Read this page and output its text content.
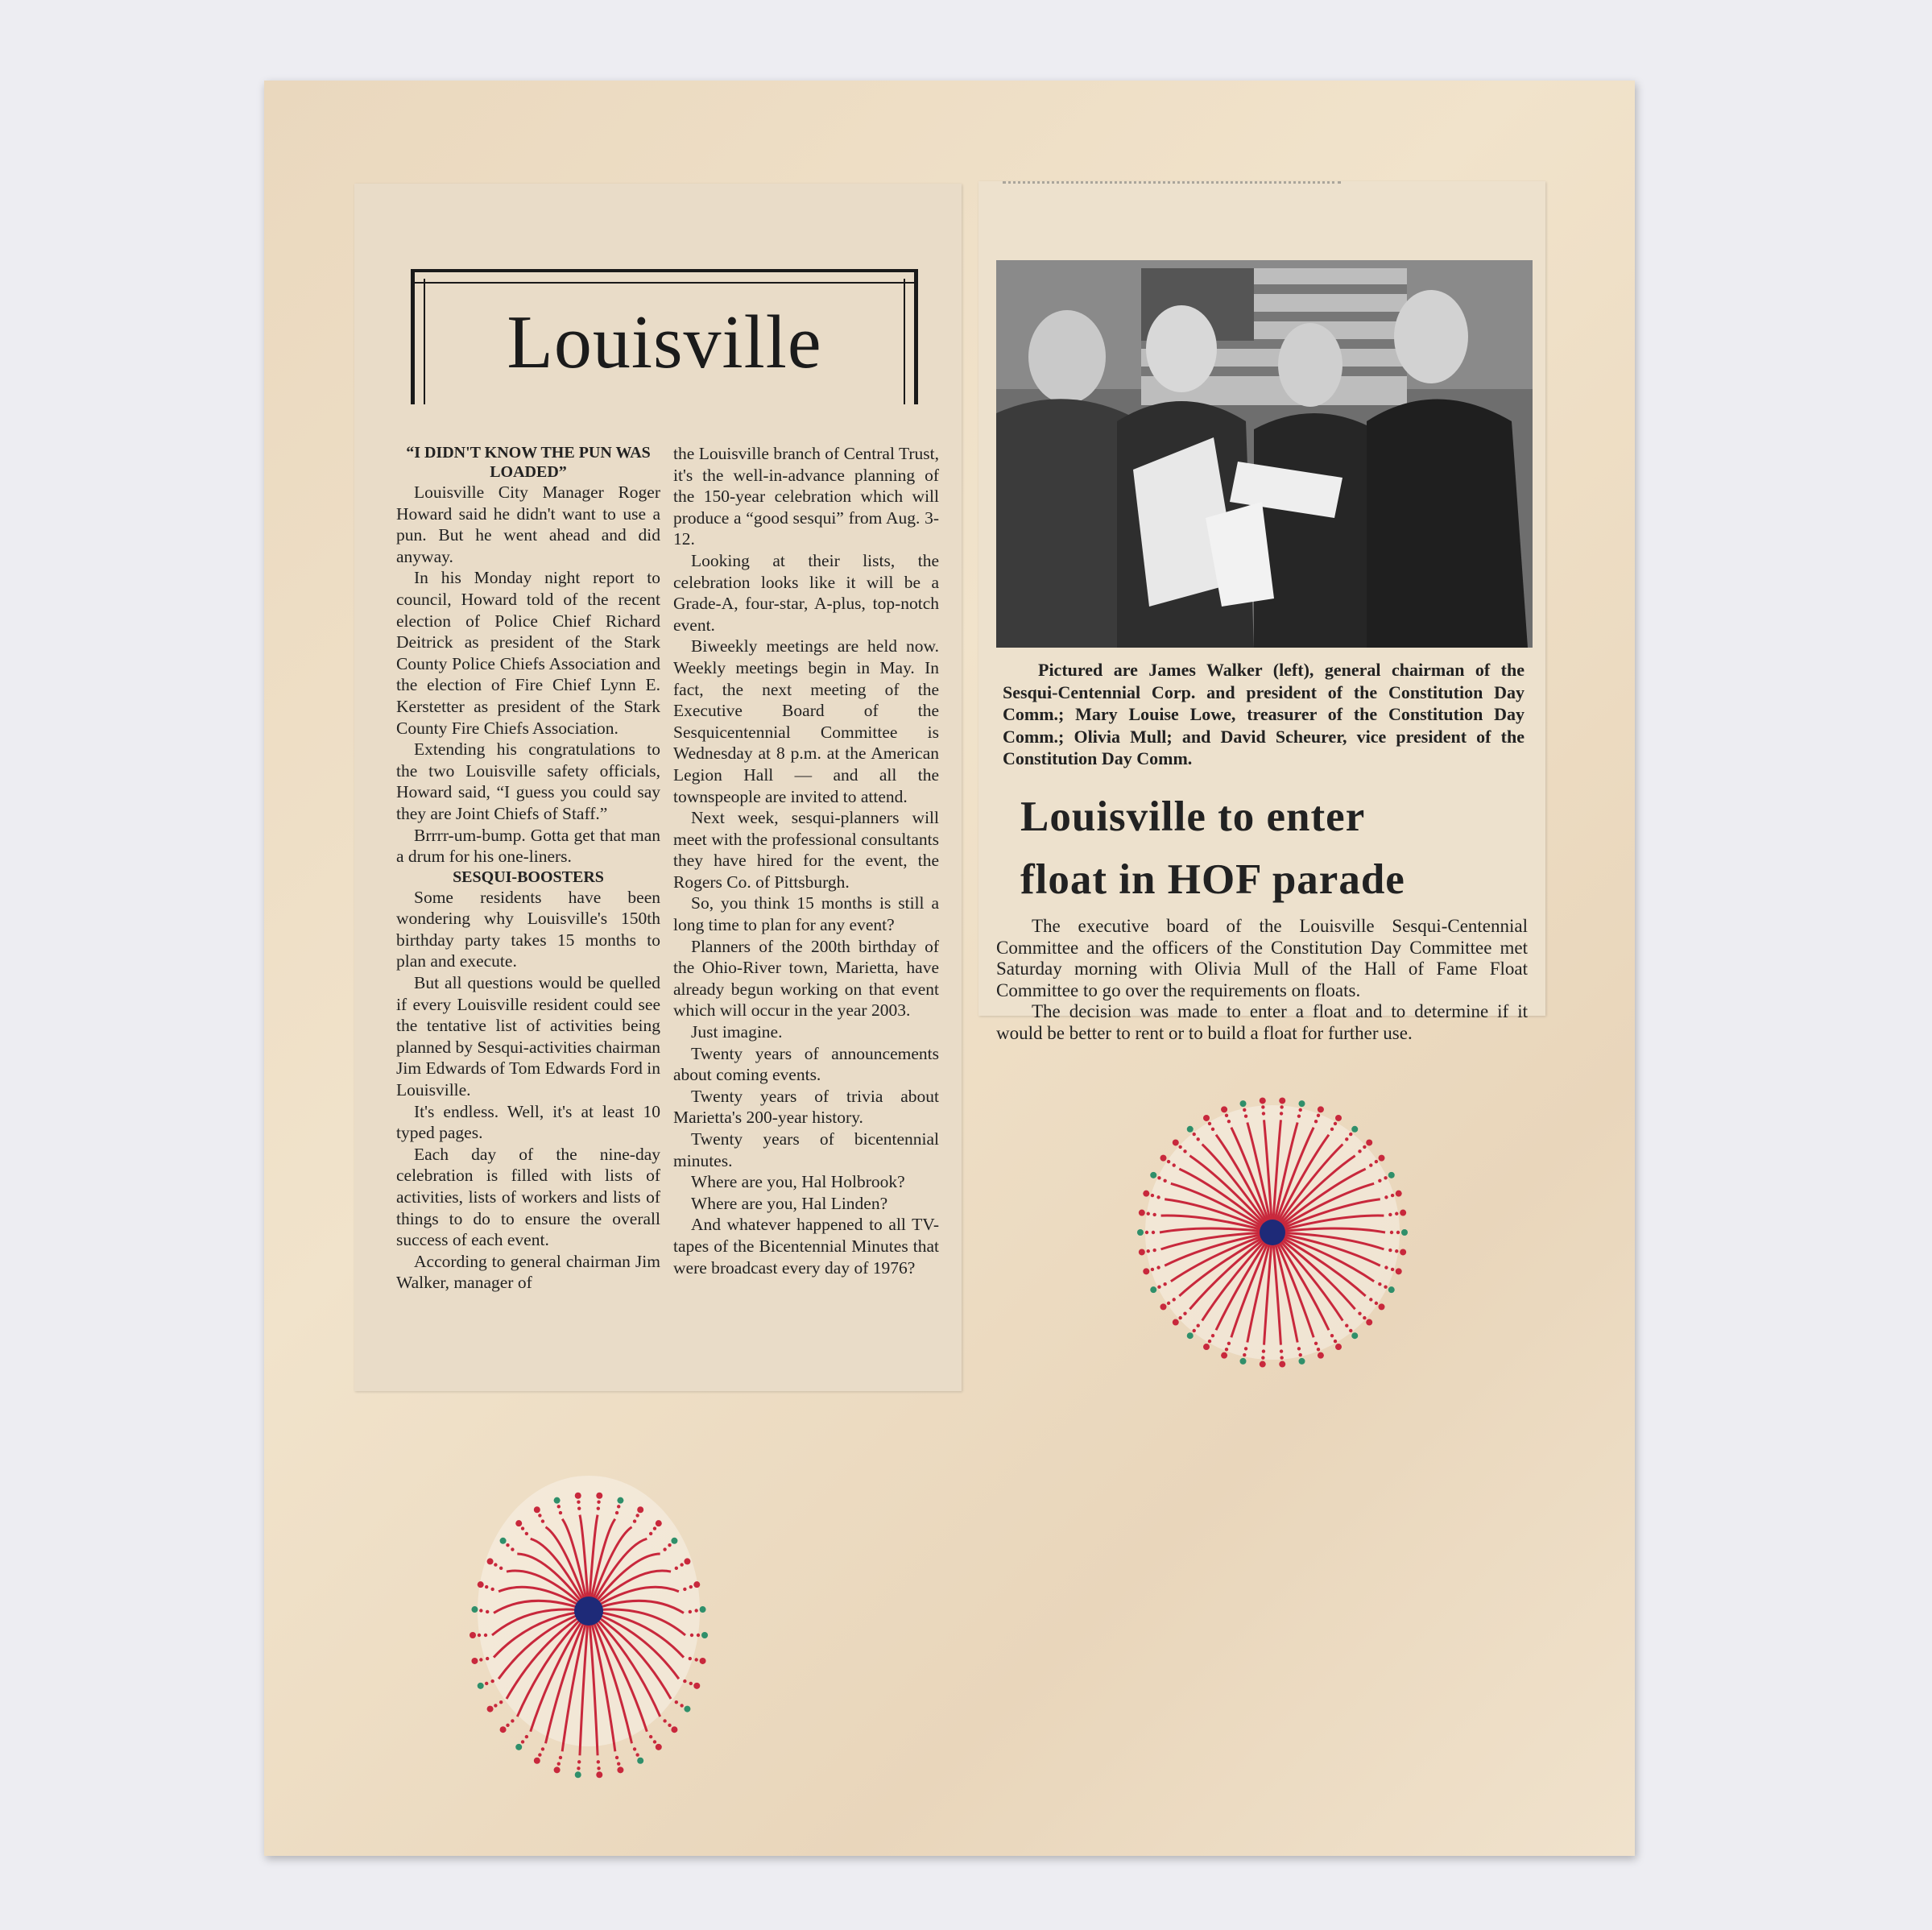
Louisville

“I DIDN'T KNOW THE PUN WAS LOADED”

Louisville City Manager Roger Howard said he didn't want to use a pun. But he went ahead and did anyway.

In his Monday night report to council, Howard told of the recent election of Police Chief Richard Deitrick as president of the Stark County Police Chiefs Association and the election of Fire Chief Lynn E. Kerstetter as president of the Stark County Fire Chiefs Association.

Extending his congratulations to the two Louisville safety officials, Howard said, “I guess you could say they are Joint Chiefs of Staff.”

Brrrr-um-bump. Gotta get that man a drum for his one-liners.

SESQUI-BOOSTERS

Some residents have been wondering why Louisville's 150th birthday party takes 15 months to plan and execute.

But all questions would be quelled if every Louisville resident could see the tentative list of activities being planned by Sesqui-activities chairman Jim Edwards of Tom Edwards Ford in Louisville.

It's endless. Well, it's at least 10 typed pages.

Each day of the nine-day celebration is filled with lists of activities, lists of workers and lists of things to do to ensure the overall success of each event.

According to general chairman Jim Walker, manager of

the Louisville branch of Central Trust, it's the well-in-advance planning of the 150-year celebration which will produce a “good sesqui” from Aug. 3-12.

Looking at their lists, the celebration looks like it will be a Grade-A, four-star, A-plus, top-notch event.

Biweekly meetings are held now. Weekly meetings begin in May. In fact, the next meeting of the Executive Board of the Sesquicentennial Committee is Wednesday at 8 p.m. at the American Legion Hall — and all the townspeople are invited to attend.

Next week, sesqui-planners will meet with the professional consultants they have hired for the event, the Rogers Co. of Pittsburgh.

So, you think 15 months is still a long time to plan for any event?

Planners of the 200th birthday of the Ohio-River town, Marietta, have already begun working on that event which will occur in the year 2003.

Just imagine.

Twenty years of announcements about coming events.

Twenty years of trivia about Marietta's 200-year history.

Twenty years of bicentennial minutes.

Where are you, Hal Holbrook?

Where are you, Hal Linden?

And whatever happened to all TV-tapes of the Bicentennial Minutes that were broadcast every day of 1976?

Pictured are James Walker (left), general chairman of the Sesqui-Centennial Corp. and president of the Constitution Day Comm.; Mary Louise Lowe, treasurer of the Constitution Day Comm.; Olivia Mull; and David Scheurer, vice president of the Constitution Day Comm.
Louisville to enter
float in HOF parade

The executive board of the Louisville Sesqui-Centennial Committee and the officers of the Constitution Day Committee met Saturday morning with Olivia Mull of the Hall of Fame Float Committee to go over the requirements on floats.

The decision was made to enter a float and to determine if it would be better to rent or to build a float for further use.
